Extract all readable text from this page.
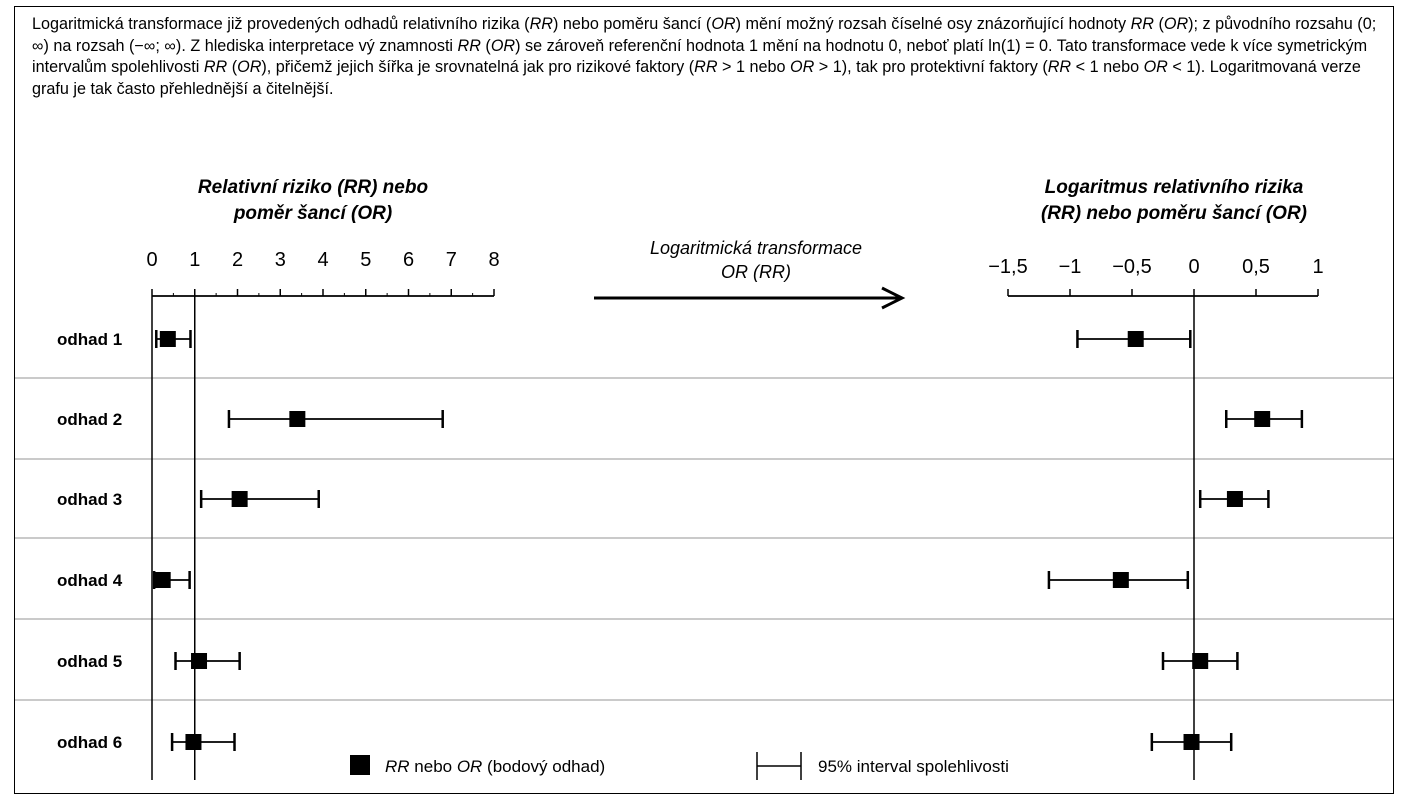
Logaritmická transformace již provedených odhadů relativního rizika (RR) nebo poměru šancí (OR) mění možný rozsah číselné osy znázorňující hodnoty RR (OR); z původního rozsahu (0; ∞) na rozsah (−∞; ∞). Z hlediska interpretace vý znamnosti RR (OR) se zároveň referenční hodnota 1 mění na hodnotu 0, neboť platí ln(1) = 0. Tato transformace vede k více symetrickým intervalům spolehlivosti RR (OR), přičemž jejich šířka je srovnatelná jak pro rizikové faktory (RR > 1 nebo OR > 1), tak pro protektivní faktory (RR < 1 nebo OR < 1). Logaritmovaná verze grafu je tak často přehlednější a čitelnější.

Relativní riziko (RR) nebo
poměr šancí (OR)
0 1 2 3 4 5 6 7 8
odhad 1
odhad 2
odhad 3
odhad 4
odhad 5
odhad 6
Logaritmus relativního rizika
(RR) nebo poměru šancí (OR)
−1,5 −1 −0,5 0 0,5 1
Logaritmická transformace
OR (RR)
RR nebo OR (bodový odhad)	95% interval spolehlivosti
